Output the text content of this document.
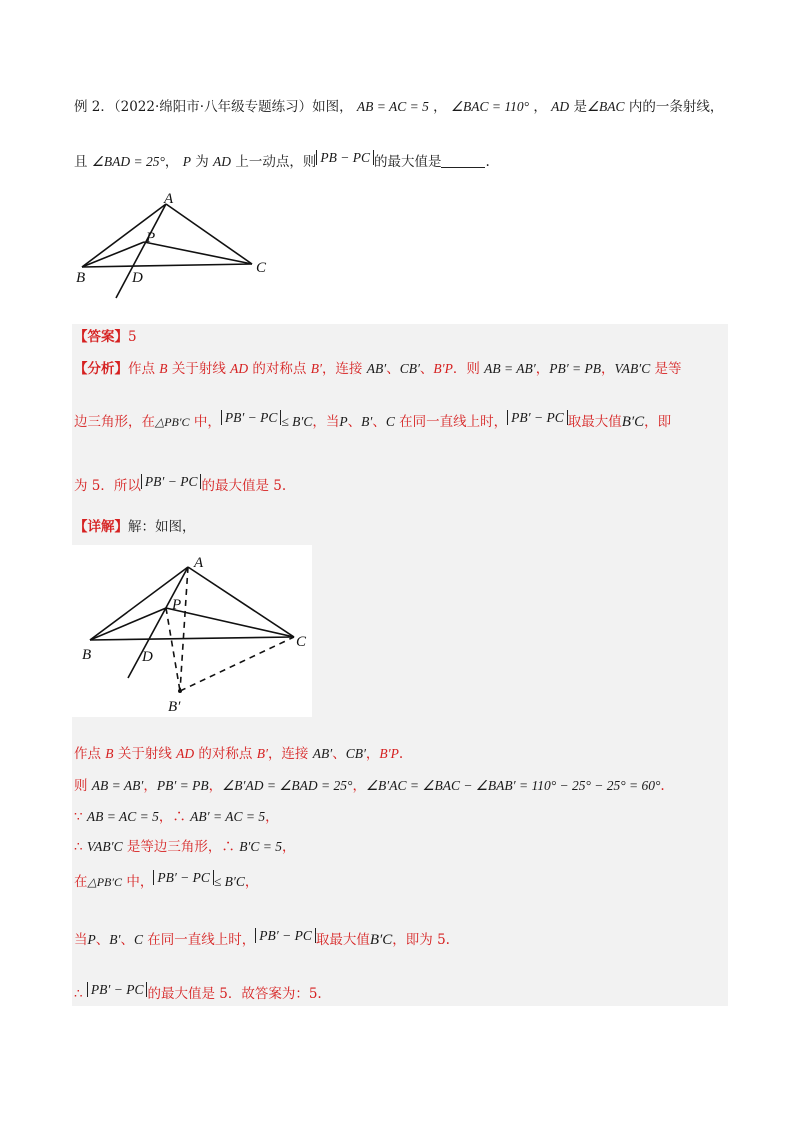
例 2．（2022·绵阳市·八年级专题练习）如图， AB = AC = 5 ， ∠BAC = 110° ， AD 是∠BAC 内的一条射线，
且 ∠BAD = 25°， P 为 AD 上一动点，则 PB − PC 的最大值是	.
A
P
B	D
C
【答案】5
【分析】作点 B 关于射线 AD 的对称点 B′，连接 AB′、CB′、B′P．则 AB = AB′，PB′ = PB，VAB′C 是等
边三角形，在△PB′C 中， PB′ − PC ≤ B′C，当P、B′、C 在同一直线上时， PB′ − PC 取最大值B′C，即
为 5．所以 PB′ − PC 的最大值是 5.
【详解】解：如图，
A
P
B	D
C
B′
作点 B 关于射线 AD 的对称点 B′，连接 AB′、CB′，B′P.
则 AB = AB′，PB′ = PB，∠B′AD = ∠BAD = 25°，∠B′AC = ∠BAC − ∠BAB′ = 110° − 25° − 25° = 60°.
∵ AB = AC = 5，∴ AB′ = AC = 5，
∴ VAB′C 是等边三角形，∴ B′C = 5，
在△PB′C 中， PB′ − PC ≤ B′C，
当P、B′、C 在同一直线上时， PB′ − PC 取最大值B′C，即为 5.
∴ PB′ − PC 的最大值是 5．故答案为：5.
